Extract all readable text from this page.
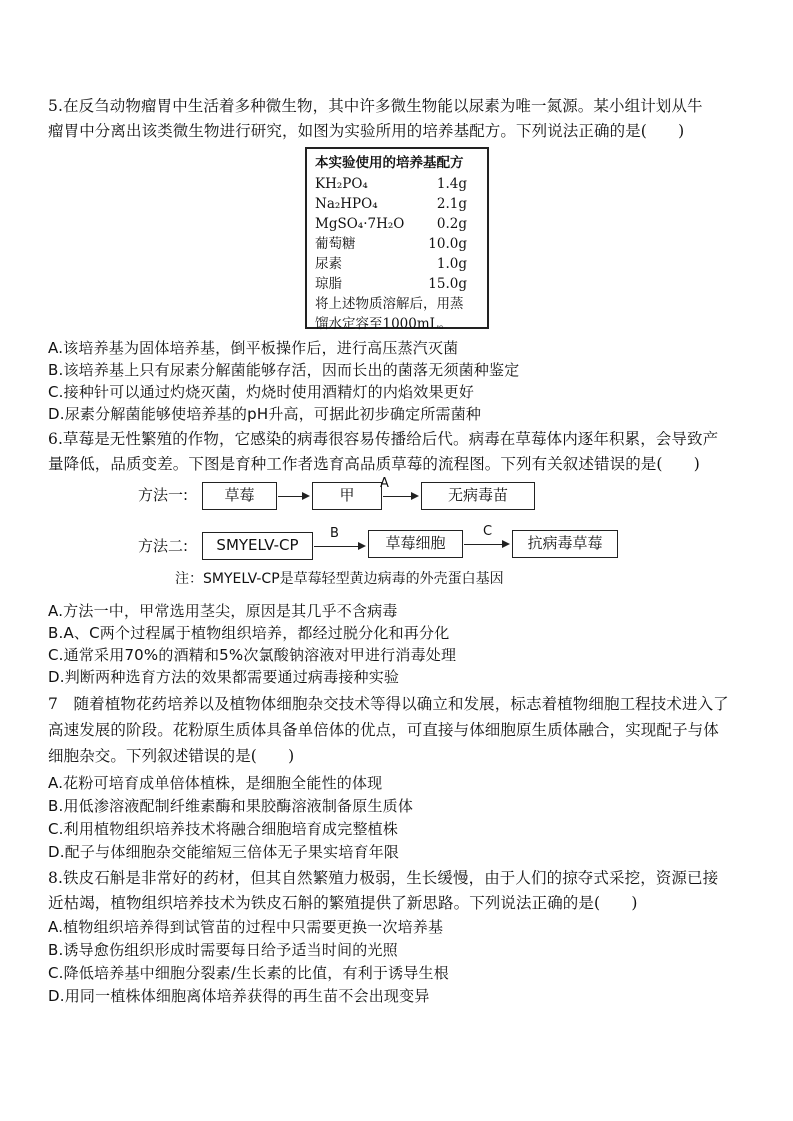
5.在反刍动物瘤胃中生活着多种微生物，其中许多微生物能以尿素为唯一氮源。某小组计划从牛
瘤胃中分离出该类微生物进行研究，如图为实验所用的培养基配方。下列说法正确的是(　　)
本实验使用的培养基配方
KH₂PO₄	1.4g
Na₂HPO₄	2.1g
MgSO₄·7H₂O 0.2g
葡萄糖	10.0g
尿素	1.0g
琼脂	15.0g
将上述物质溶解后，用蒸
馏水定容至1000mL。
A.该培养基为固体培养基，倒平板操作后，进行高压蒸汽灭菌
B.该培养基上只有尿素分解菌能够存活，因而长出的菌落无须菌种鉴定
C.接种针可以通过灼烧灭菌，灼烧时使用酒精灯的内焰效果更好
D.尿素分解菌能够使培养基的pH升高，可据此初步确定所需菌种
6.草莓是无性繁殖的作物，它感染的病毒很容易传播给后代。病毒在草莓体内逐年积累，会导致产
量降低，品质变差。下图是育种工作者选育高品质草莓的流程图。下列有关叙述错误的是(　　)
方法一:	草莓	甲
A
无病毒苗
方法二:	SMYELV-CP
B
草莓细胞
C
抗病毒草莓
注：SMYELV-CP是草莓轻型黄边病毒的外壳蛋白基因
A.方法一中，甲常选用茎尖，原因是其几乎不含病毒
B.A、C两个过程属于植物组织培养，都经过脱分化和再分化
C.通常采用70%的酒精和5%次氯酸钠溶液对甲进行消毒处理
D.判断两种选育方法的效果都需要通过病毒接种实验
7　随着植物花药培养以及植物体细胞杂交技术等得以确立和发展，标志着植物细胞工程技术进入了
高速发展的阶段。花粉原生质体具备单倍体的优点，可直接与体细胞原生质体融合，实现配子与体
细胞杂交。下列叙述错误的是(　　)
A.花粉可培育成单倍体植株，是细胞全能性的体现
B.用低渗溶液配制纤维素酶和果胶酶溶液制备原生质体
C.利用植物组织培养技术将融合细胞培育成完整植株
D.配子与体细胞杂交能缩短三倍体无子果实培育年限
8.铁皮石斛是非常好的药材，但其自然繁殖力极弱，生长缓慢，由于人们的掠夺式采挖，资源已接
近枯竭，植物组织培养技术为铁皮石斛的繁殖提供了新思路。下列说法正确的是(　　)
A.植物组织培养得到试管苗的过程中只需要更换一次培养基
B.诱导愈伤组织形成时需要每日给予适当时间的光照
C.降低培养基中细胞分裂素/生长素的比值，有利于诱导生根
D.用同一植株体细胞离体培养获得的再生苗不会出现变异
